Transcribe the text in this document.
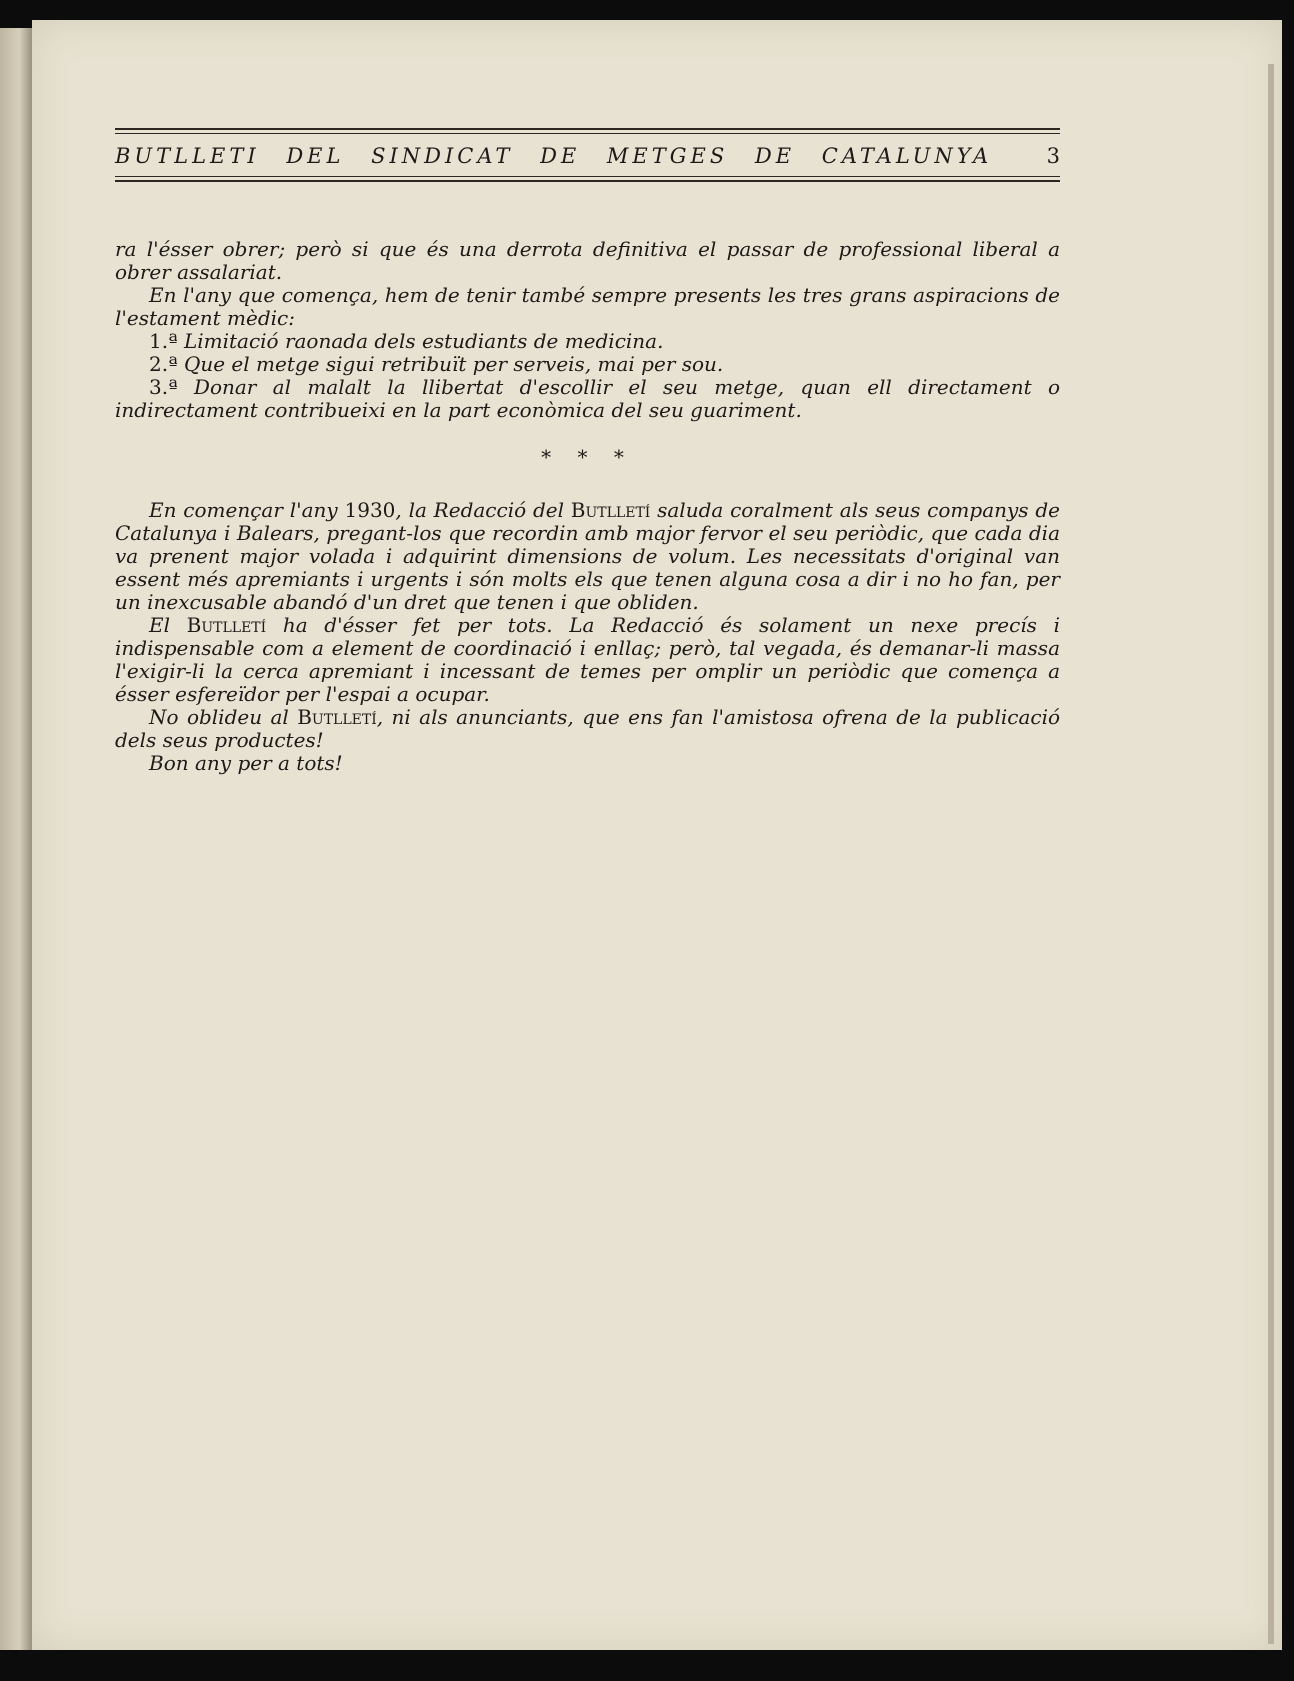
BUTLLETI DEL SINDICAT DE METGES DE CATALUNYA	3

ra l'ésser obrer; però si que és una derrota definitiva el passar de professional liberal a obrer assalariat.

En l'any que comença, hem de tenir també sempre presents les tres grans aspiracions de l'estament mèdic:

1.ª Limitació raonada dels estudiants de medicina.

2.ª Que el metge sigui retribuït per serveis, mai per sou.

3.ª Donar al malalt la llibertat d'escollir el seu metge, quan ell directament o indirectament contribueixi en la part econòmica del seu guariment.

* * *

En començar l'any 1930, la Redacció del Butlletí saluda coralment als seus companys de Catalunya i Balears, pregant-los que recordin amb major fervor el seu periòdic, que cada dia va prenent major volada i adquirint dimensions de volum. Les necessitats d'original van essent més apremiants i urgents i són molts els que tenen alguna cosa a dir i no ho fan, per un inexcusable abandó d'un dret que tenen i que obliden.

El Butlletí ha d'ésser fet per tots. La Redacció és solament un nexe precís i indispensable com a element de coordinació i enllaç; però, tal vegada, és demanar-li massa l'exigir-li la cerca apremiant i incessant de temes per omplir un periòdic que comença a ésser esfereïdor per l'espai a ocupar.

No oblideu al Butlletí, ni als anunciants, que ens fan l'amistosa ofrena de la publicació dels seus productes!

Bon any per a tots!
